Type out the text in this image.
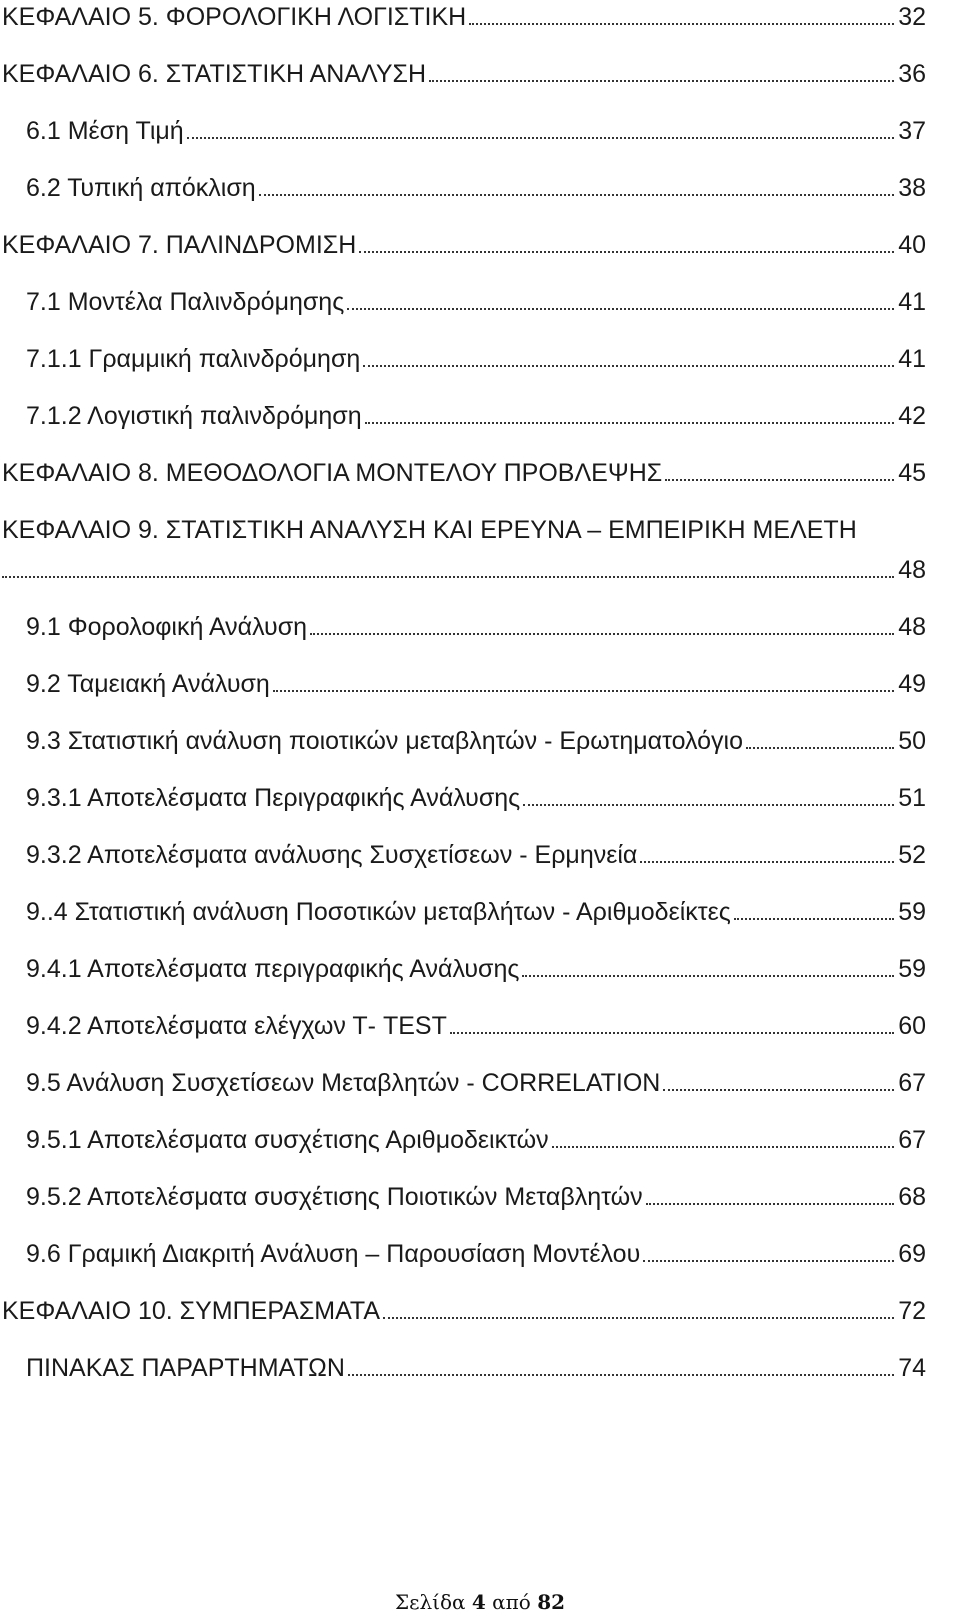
ΚΕΦΑΛΑΙΟ 5. ΦΟΡΟΛΟΓΙΚΗ ΛΟΓΙΣΤΙΚΗ	32
ΚΕΦΑΛΑΙΟ 6. ΣΤΑΤΙΣΤΙΚΗ ΑΝΑΛΥΣΗ	36
6.1 Μέση Τιμή	37
6.2 Τυπική απόκλιση	38
ΚΕΦΑΛΑΙΟ 7. ΠΑΛΙΝΔΡΟΜΙΣΗ	40
7.1 Μοντέλα Παλινδρόμησης	41
7.1.1 Γραμμική παλινδρόμηση	41
7.1.2 Λογιστική παλινδρόμηση	42
ΚΕΦΑΛΑΙΟ 8. ΜΕΘΟΔΟΛΟΓΙΑ ΜΟΝΤΕΛΟΥ ΠΡΟΒΛΕΨΗΣ	45
ΚΕΦΑΛΑΙΟ 9. ΣΤΑΤΙΣΤΙΚΗ ΑΝΑΛΥΣΗ ΚΑΙ ΕΡΕΥΝΑ – ΕΜΠΕΙΡΙΚΗ ΜΕΛΕΤΗ
48
9.1 Φορολοφική Ανάλυση	48
9.2 Ταμειακή Ανάλυση	49
9.3 Στατιστική ανάλυση ποιοτικών μεταβλητών - Ερωτηματολόγιο	50
9.3.1 Αποτελέσματα Περιγραφικής Ανάλυσης	51
9.3.2 Αποτελέσματα ανάλυσης Συσχετίσεων - Ερμηνεία	52
9..4 Στατιστική ανάλυση Ποσοτικών μεταβλήτων - Αριθμοδείκτες	59
9.4.1 Αποτελέσματα περιγραφικής Ανάλυσης	59
9.4.2 Αποτελέσματα ελέγχων Τ- TEST	60
9.5 Ανάλυση Συσχετίσεων Μεταβλητών - CORRELATION	67
9.5.1 Αποτελέσματα συσχέτισης Αριθμοδεικτών	67
9.5.2 Αποτελέσματα συσχέτισης Ποιοτικών Μεταβλητών	68
9.6 Γραμική Διακριτή Ανάλυση – Παρουσίαση Μοντέλου	69
ΚΕΦΑΛΑΙΟ 10. ΣΥΜΠΕΡΑΣΜΑΤΑ	72
ΠΙΝΑΚΑΣ ΠΑΡΑΡΤΗΜΑΤΩΝ	74
Σελίδα 4 από 82
